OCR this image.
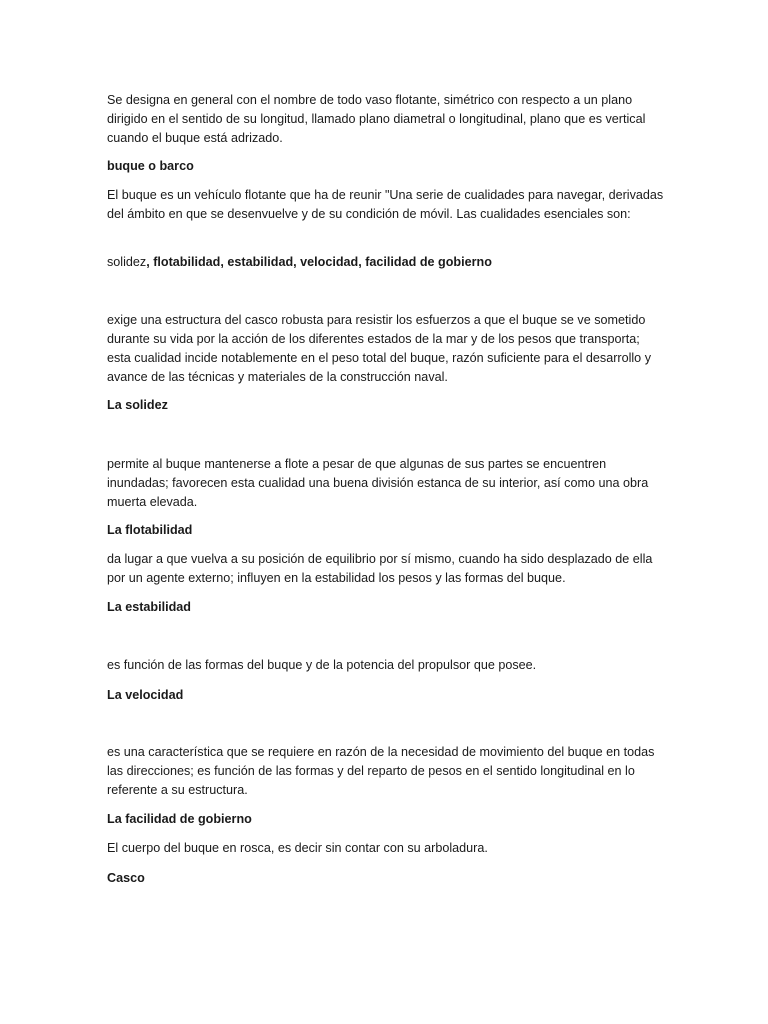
Se designa en general con el nombre de todo vaso flotante, simétrico con respecto a un plano dirigido en el sentido de su longitud, llamado plano diametral o longitudinal, plano que es vertical cuando el buque está adrizado.

buque o barco

El buque es un vehículo flotante que ha de reunir "Una serie de cualidades para navegar, derivadas del ámbito en que se desenvuelve y de su condición de móvil. Las cualidades esenciales son:

solidez, flotabilidad, estabilidad, velocidad, facilidad de gobierno

exige una estructura del casco robusta para resistir los esfuerzos a que el buque se ve sometido durante su vida por la acción de los diferentes estados de la mar y de los pesos que transporta; esta cualidad incide notablemente en el peso total del buque, razón suficiente para el desarrollo y avance de las técnicas y materiales de la construcción naval.

La solidez

permite al buque mantenerse a flote a pesar de que algunas de sus partes se encuentren inundadas; favorecen esta cualidad una buena división estanca de su interior, así como una obra muerta elevada.

La flotabilidad

da lugar a que vuelva a su posición de equilibrio por sí mismo, cuando ha sido desplazado de ella por un agente externo; influyen en la estabilidad los pesos y las formas del buque.

La estabilidad

es función de las formas del buque y de la potencia del propulsor que posee.

La velocidad

es una característica que se requiere en razón de la necesidad de movimiento del buque en todas las direcciones; es función de las formas y del reparto de pesos en el sentido longitudinal en lo referente a su estructura.

La facilidad de gobierno

El cuerpo del buque en rosca, es decir sin contar con su arboladura.

Casco
